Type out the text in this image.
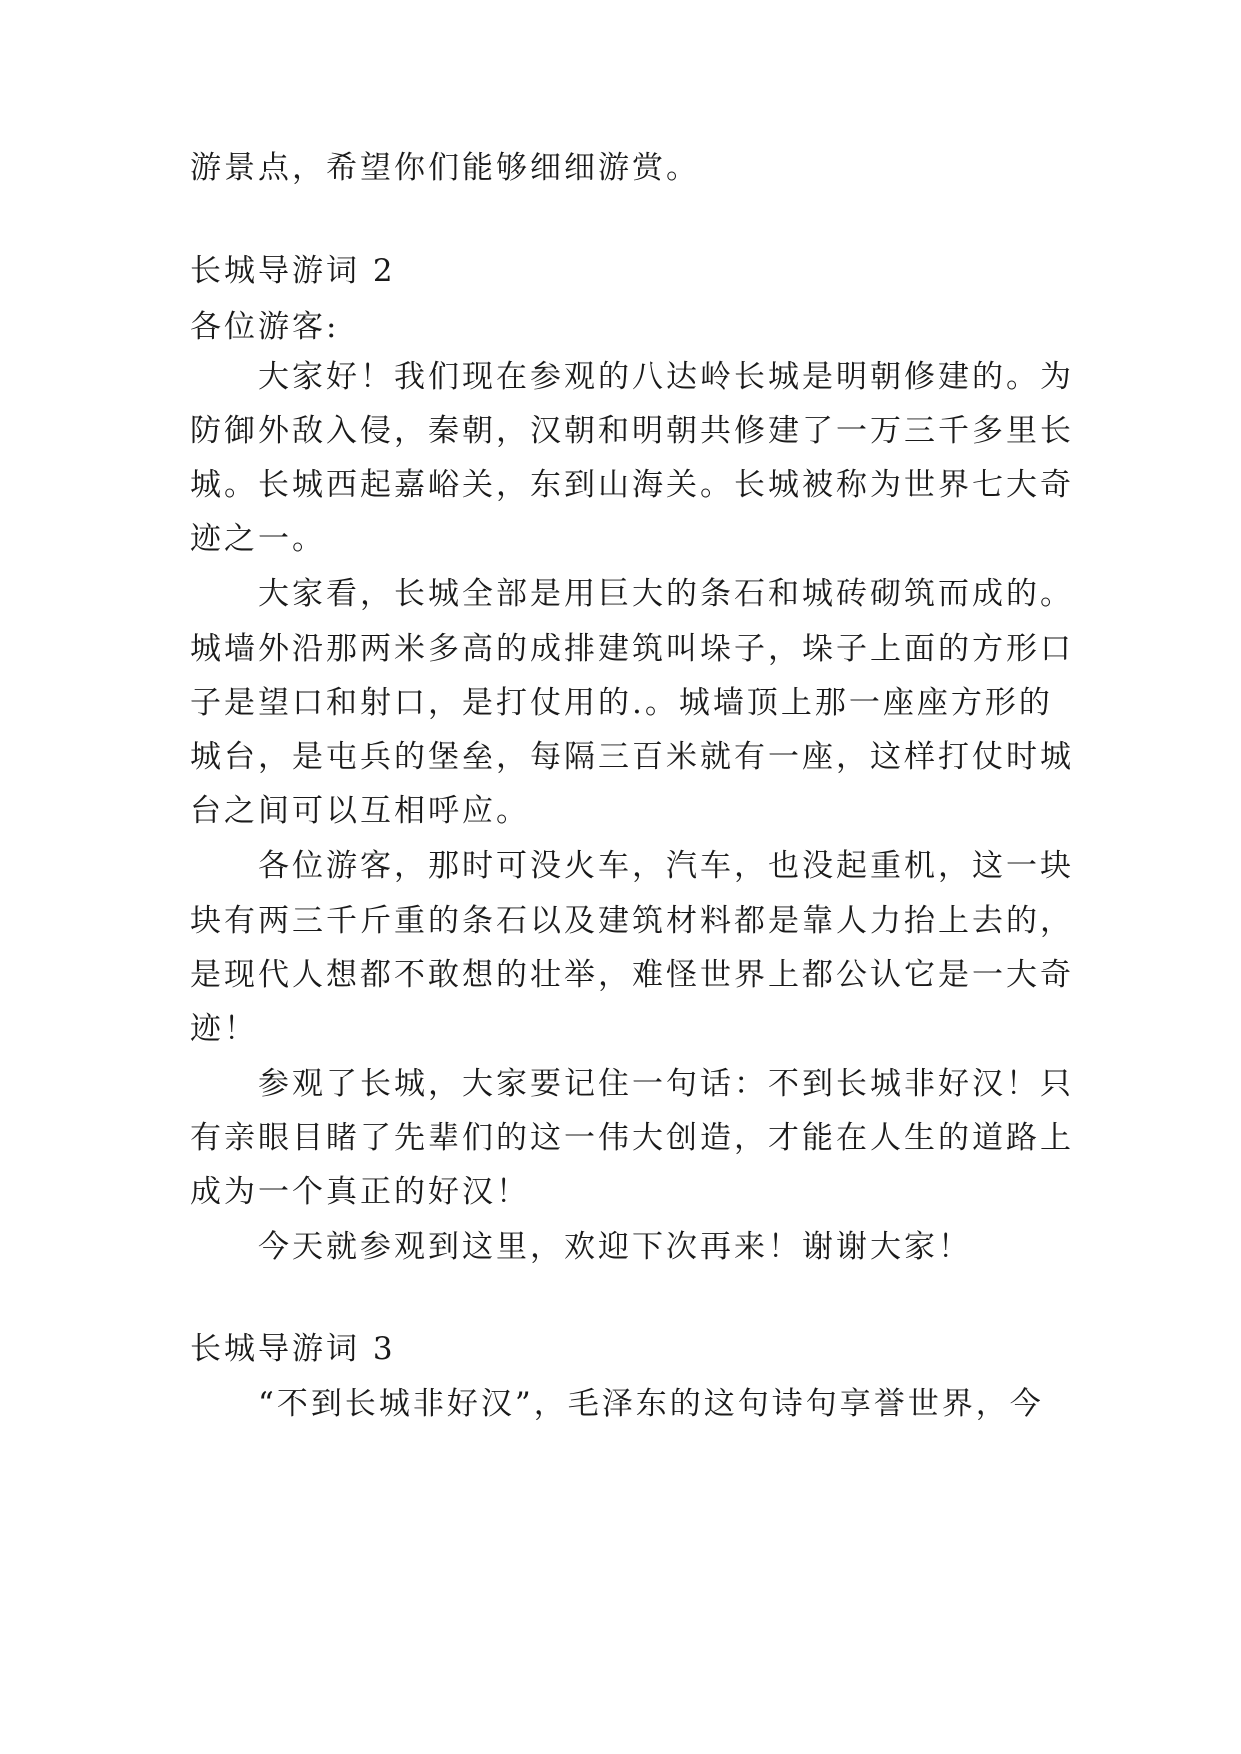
游景点，希望你们能够细细游赏。
长城导游词 2
各位游客:
大家好！我们现在参观的八达岭长城是明朝修建的。为
防御外敌入侵，秦朝，汉朝和明朝共修建了一万三千多里长
城。长城西起嘉峪关，东到山海关。长城被称为世界七大奇
迹之一。
大家看，长城全部是用巨大的条石和城砖砌筑而成的。
城墙外沿那两米多高的成排建筑叫垛子，垛子上面的方形口
子是望口和射口，是打仗用的.。城墙顶上那一座座方形的
城台，是屯兵的堡垒，每隔三百米就有一座，这样打仗时城
台之间可以互相呼应。
各位游客，那时可没火车，汽车，也没起重机，这一块
块有两三千斤重的条石以及建筑材料都是靠人力抬上去的，
是现代人想都不敢想的壮举，难怪世界上都公认它是一大奇
迹！
参观了长城，大家要记住一句话：不到长城非好汉！只
有亲眼目睹了先辈们的这一伟大创造，才能在人生的道路上
成为一个真正的好汉！
今天就参观到这里，欢迎下次再来！谢谢大家！
长城导游词 3
“不到长城非好汉”，毛泽东的这句诗句享誉世界，今
